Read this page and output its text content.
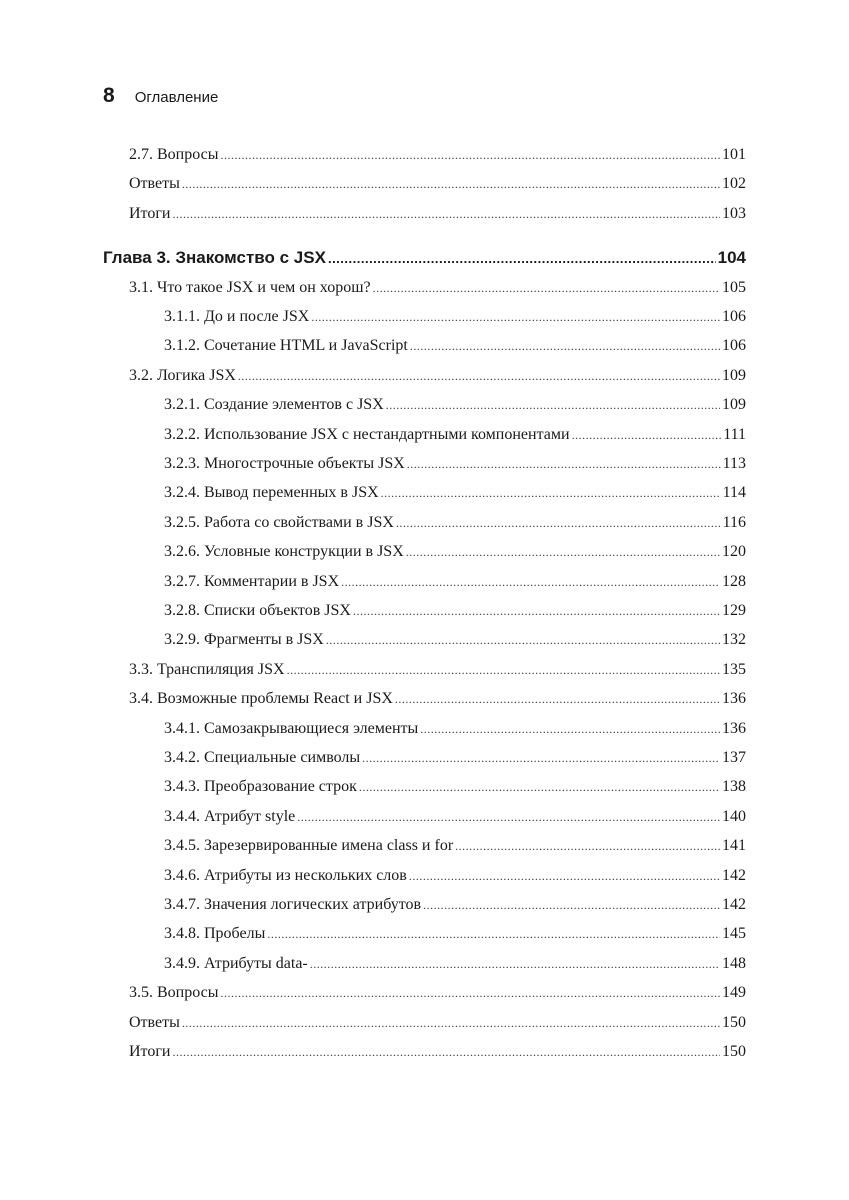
8 Оглавление
2.7. Вопросы .....	101
Ответы .....	102
Итоги .....	103
Глава 3. Знакомство с JSX .....	104
3.1. Что такое JSX и чем он хорош? .....	105
3.1.1. До и после JSX .....	106
3.1.2. Сочетание HTML и JavaScript .....	106
3.2. Логика JSX .....	109
3.2.1. Создание элементов с JSX .....	109
3.2.2. Использование JSX с нестандартными компонентами .....	111
3.2.3. Многострочные объекты JSX .....	113
3.2.4. Вывод переменных в JSX .....	114
3.2.5. Работа со свойствами в JSX .....	116
3.2.6. Условные конструкции в JSX .....	120
3.2.7. Комментарии в JSX .....	128
3.2.8. Списки объектов JSX .....	129
3.2.9. Фрагменты в JSX .....	132
3.3. Транспиляция JSX .....	135
3.4. Возможные проблемы React и JSX .....	136
3.4.1. Самозакрывающиеся элементы .....	136
3.4.2. Специальные символы .....	137
3.4.3. Преобразование строк .....	138
3.4.4. Атрибут style .....	140
3.4.5. Зарезервированные имена class и for .....	141
3.4.6. Атрибуты из нескольких слов .....	142
3.4.7. Значения логических атрибутов .....	142
3.4.8. Пробелы .....	145
3.4.9. Атрибуты data- .....	148
3.5. Вопросы .....	149
Ответы .....	150
Итоги .....	150
